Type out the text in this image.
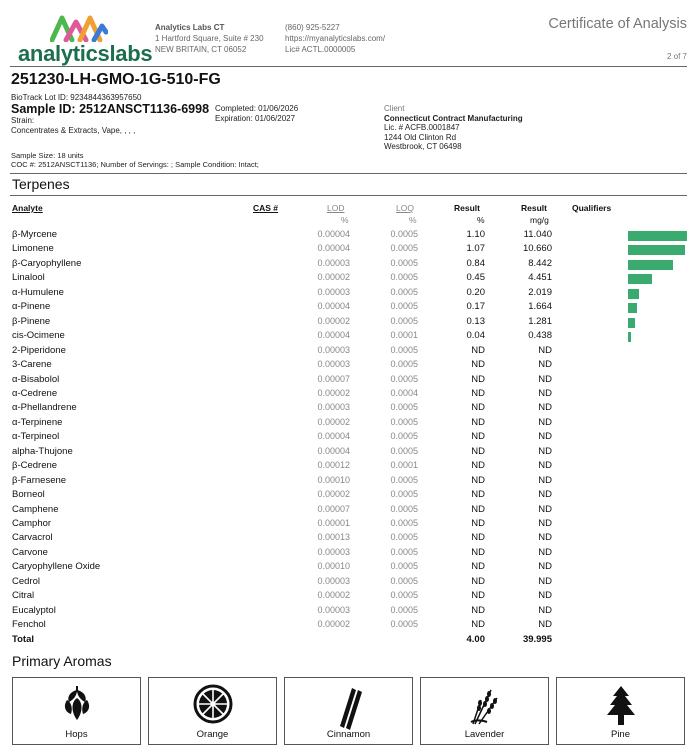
analyticslabs
Analytics Labs CT
1 Hartford Square, Suite # 230
NEW BRITAIN, CT 06052
(860) 925-5227
https://myanalyticslabs.com/
Lic# ACTL.0000005
Certificate of Analysis
2 of 7
251230-LH-GMO-1G-510-FG
BioTrack Lot ID: 9234844363957650
Sample ID: 2512ANSCT1136-6998 Completed: 01/06/2026
Expiration: 01/06/2027
Strain:
Concentrates & Extracts, Vape, , , ,
Client
Connecticut Contract Manufacturing
Lic. # ACFB.0001847
1244 Old Clinton Rd
Westbrook, CT 06498
Sample Size: 18 units
COC #: 2512ANSCT1136; Number of Servings: ; Sample Condition: Intact;
Terpenes
Analyte	CAS #	LOD	LOQ	Result	Result	Qualifiers
%	%	%	mg/g
β-Myrcene	0.00004	0.0005	1.10	11.040
Limonene	0.00004	0.0005	1.07	10.660
β-Caryophyllene	0.00003	0.0005	0.84	8.442
Linalool	0.00002	0.0005	0.45	4.451
α-Humulene	0.00003	0.0005	0.20	2.019
α-Pinene	0.00004	0.0005	0.17	1.664
β-Pinene	0.00002	0.0005	0.13	1.281
cis-Ocimene	0.00004	0.0001	0.04	0.438
2-Piperidone	0.00003	0.0005	ND	ND
3-Carene	0.00003	0.0005	ND	ND
α-Bisabolol	0.00007	0.0005	ND	ND
α-Cedrene	0.00002	0.0004	ND	ND
α-Phellandrene	0.00003	0.0005	ND	ND
α-Terpinene	0.00002	0.0005	ND	ND
α-Terpineol	0.00004	0.0005	ND	ND
alpha-Thujone	0.00004	0.0005	ND	ND
β-Cedrene	0.00012	0.0001	ND	ND
β-Farnesene	0.00010	0.0005	ND	ND
Borneol	0.00002	0.0005	ND	ND
Camphene	0.00007	0.0005	ND	ND
Camphor	0.00001	0.0005	ND	ND
Carvacrol	0.00013	0.0005	ND	ND
Carvone	0.00003	0.0005	ND	ND
Caryophyllene Oxide	0.00010	0.0005	ND	ND
Cedrol	0.00003	0.0005	ND	ND
Citral	0.00002	0.0005	ND	ND
Eucalyptol	0.00003	0.0005	ND	ND
Fenchol	0.00002	0.0005	ND	ND
Total	4.00	39.995
Primary Aromas
Hops	Orange	Cinnamon	Lavender	Pine
